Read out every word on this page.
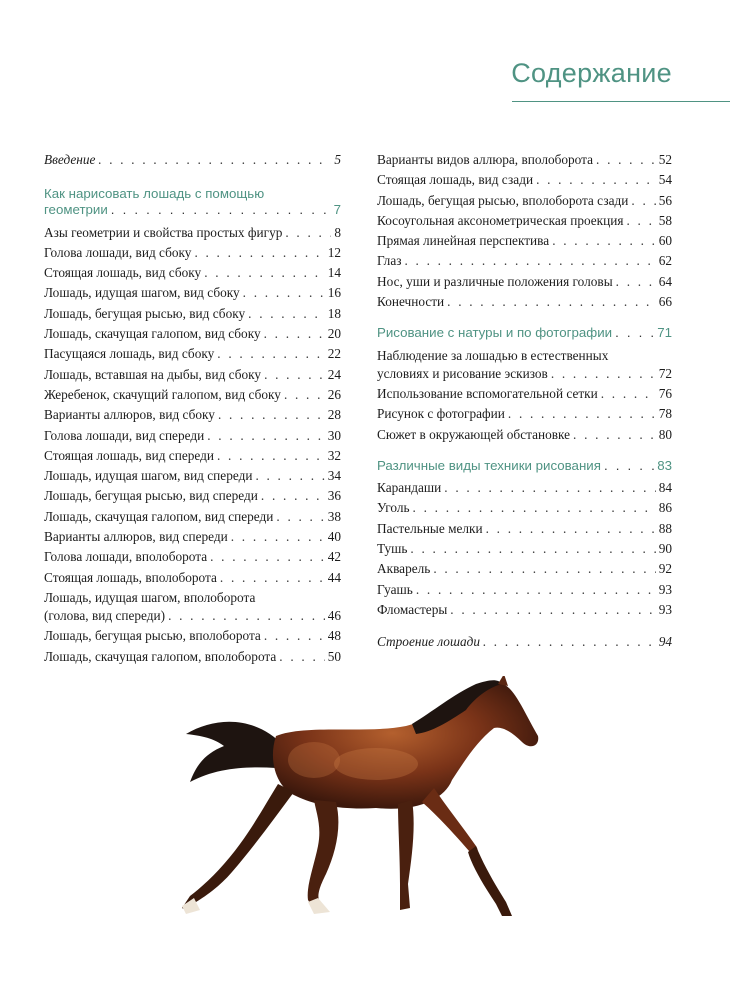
Содержание
Введение . . .	5
Как нарисовать лошадь с помощью
геометрии . . .	7
Азы геометрии и свойства простых фигур . . .	8
Голова лошади, вид сбоку . . .	12
Стоящая лошадь, вид сбоку . . .	14
Лошадь, идущая шагом, вид сбоку . . .	16
Лошадь, бегущая рысью, вид сбоку . . .	18
Лошадь, скачущая галопом, вид сбоку . . .	20
Пасущаяся лошадь, вид сбоку . . .	22
Лошадь, вставшая на дыбы, вид сбоку . . .	24
Жеребенок, скачущий галопом, вид сбоку . . .	26
Варианты аллюров, вид сбоку . . .	28
Голова лошади, вид спереди . . .	30
Стоящая лошадь, вид спереди . . .	32
Лошадь, идущая шагом, вид спереди . . .	34
Лошадь, бегущая рысью, вид спереди . . .	36
Лошадь, скачущая галопом, вид спереди . . .	38
Варианты аллюров, вид спереди . . .	40
Голова лошади, вполоборота . . .	42
Стоящая лошадь, вполоборота . . .	44
Лошадь, идущая шагом, вполоборота
(голова, вид спереди) . . .	46
Лошадь, бегущая рысью, вполоборота . . .	48
Лошадь, скачущая галопом, вполоборота . . .	50
Варианты видов аллюра, вполоборота . . .	52
Стоящая лошадь, вид сзади . . .	54
Лошадь, бегущая рысью, вполоборота сзади . . . 56
Косоугольная аксонометрическая проекция . . .	58
Прямая линейная перспектива . . .	60
Глаз . . .	62
Нос, уши и различные положения головы . . .	64
Конечности . . .	66
Рисование с натуры и по фотографии . . .	71
Наблюдение за лошадью в естественных
условиях и рисование эскизов . . .	72
Использование вспомогательной сетки . . .	76
Рисунок с фотографии . . .	78
Сюжет в окружающей обстановке . . .	80
Различные виды техники рисования . . .	83
Карандаши . . .	84
Уголь . . .	86
Пастельные мелки . . .	88
Тушь . . .	90
Акварель . . .	92
Гуашь . . .	93
Фломастеры . . .	93
Строение лошади . . .	94
